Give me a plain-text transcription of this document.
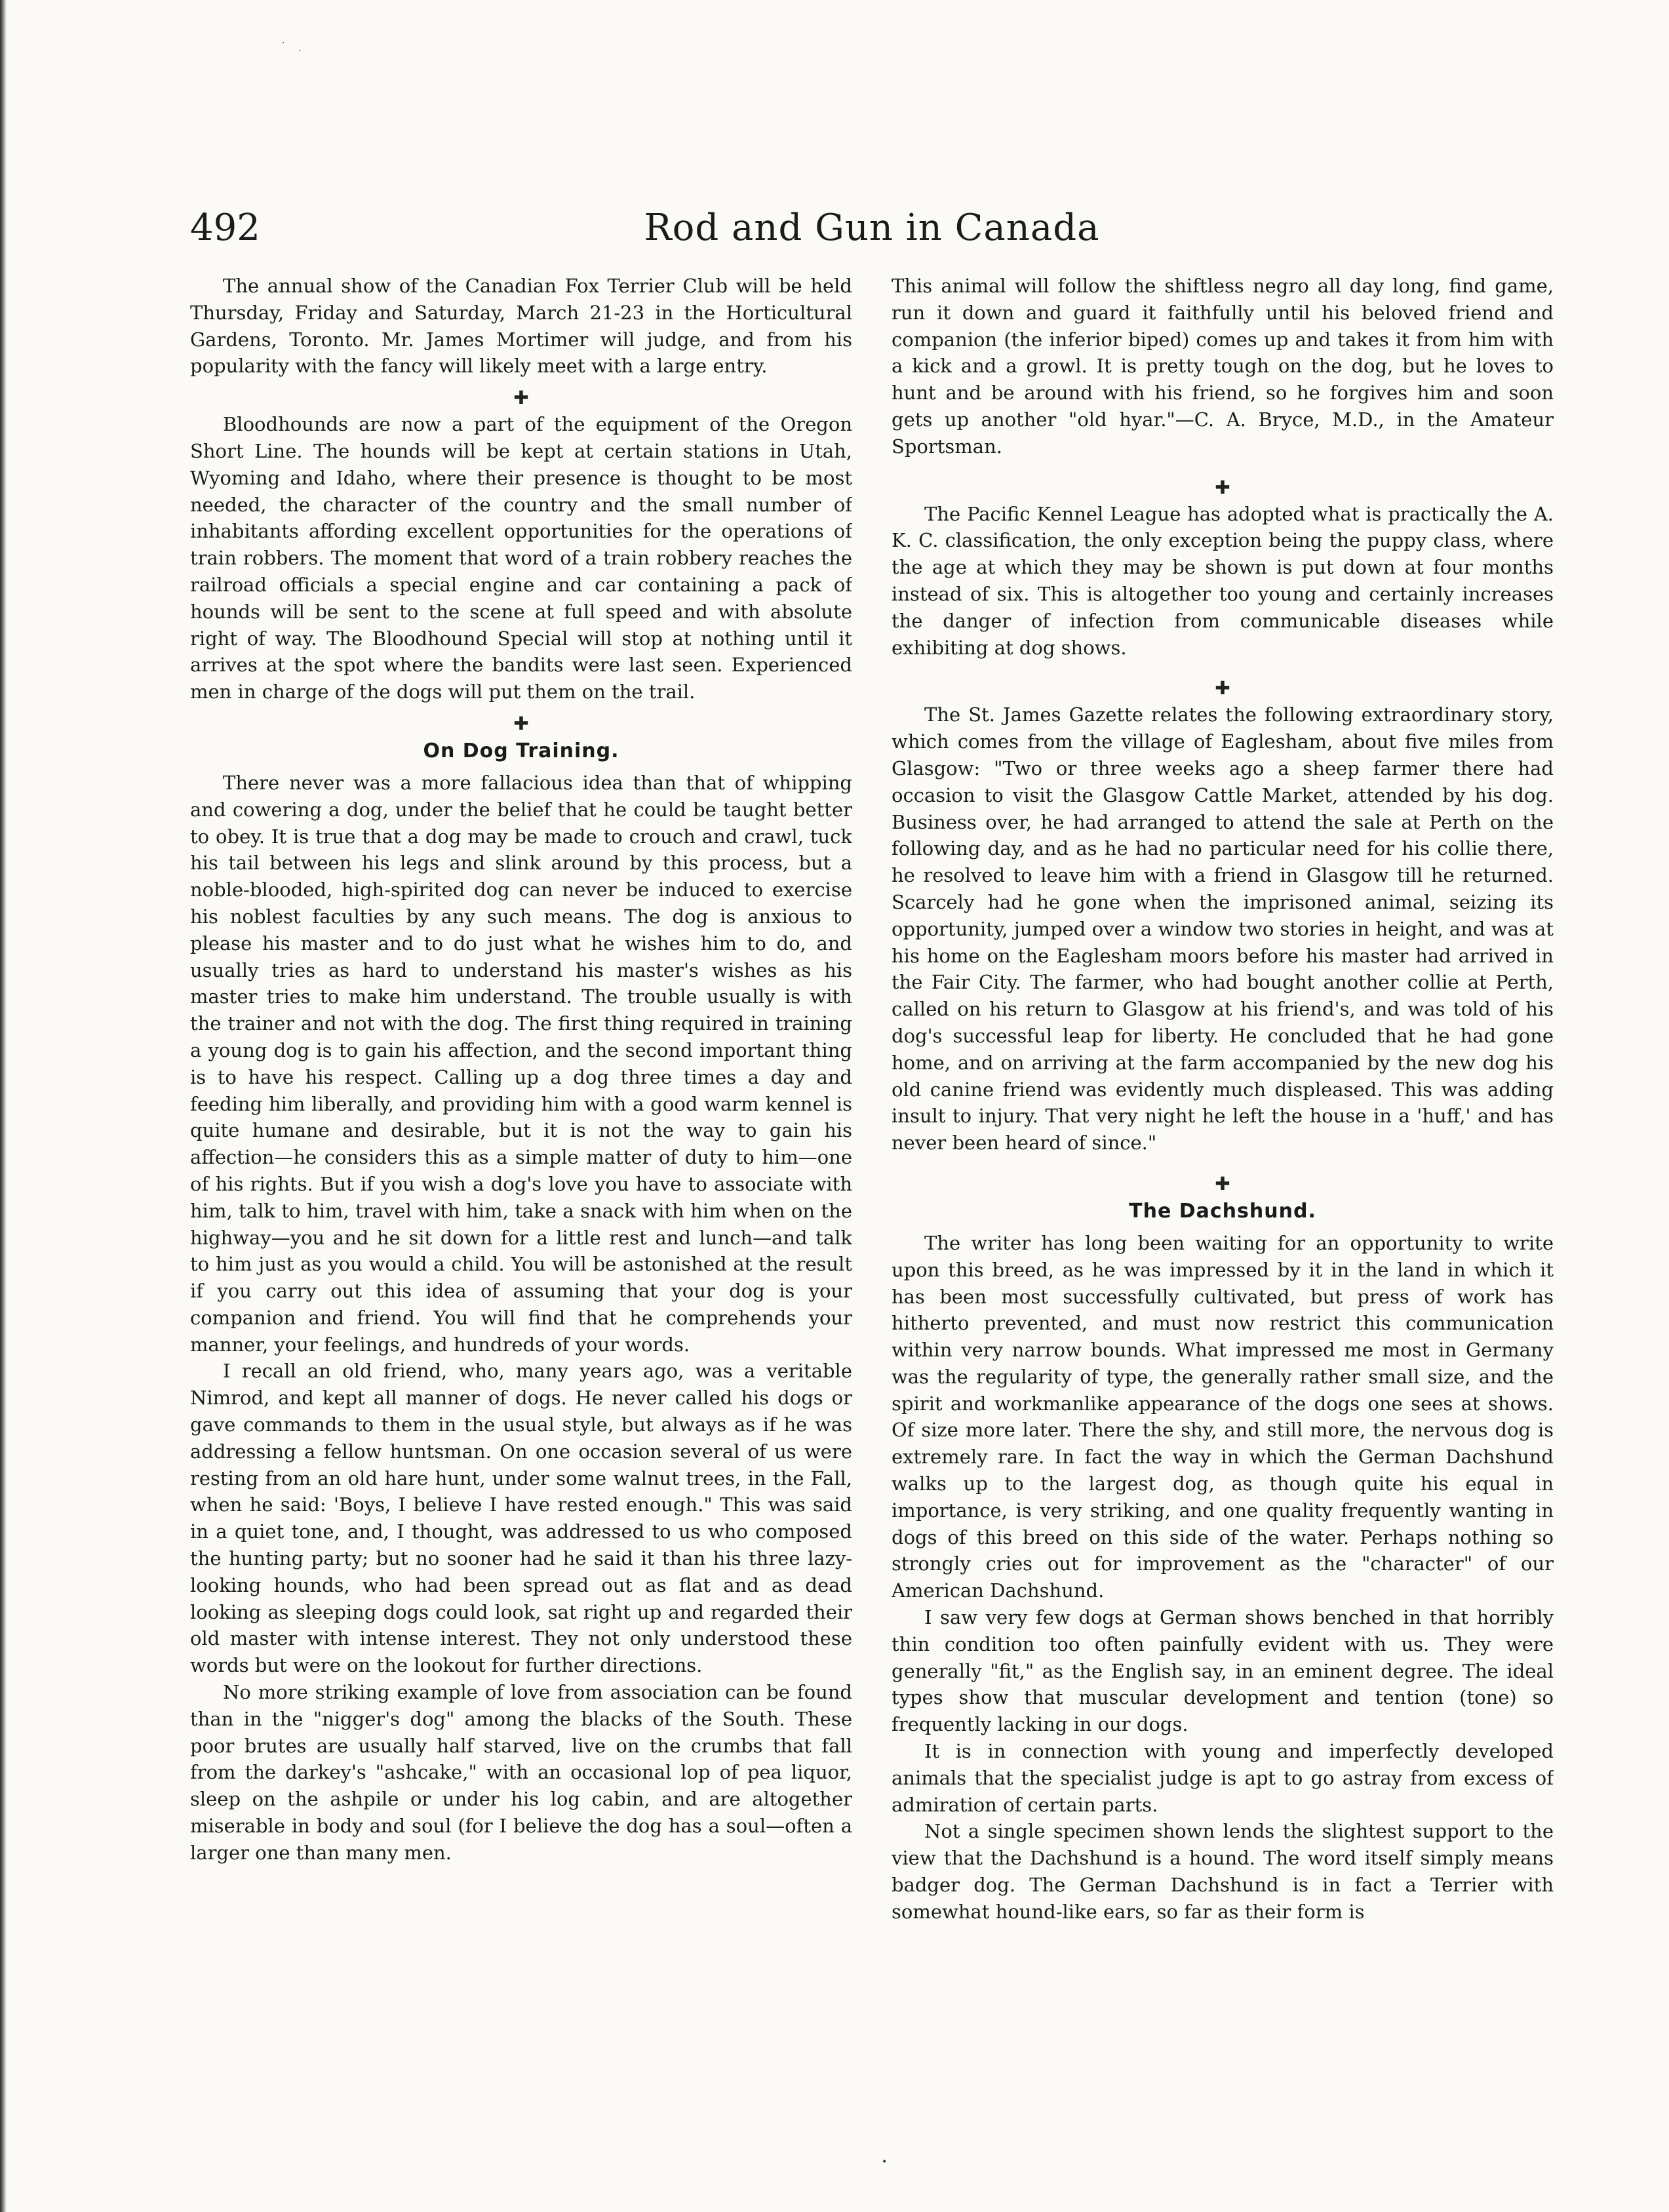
·
·
•
492	Rod and Gun in Canada

The annual show of the Canadian Fox Terrier Club will be held Thursday, Friday and Saturday, March 21-23 in the Horticultural Gardens, Toronto. Mr. James Mortimer will judge, and from his popularity with the fancy will likely meet with a large entry.

✚

Bloodhounds are now a part of the equipment of the Oregon Short Line. The hounds will be kept at certain stations in Utah, Wyoming and Idaho, where their presence is thought to be most needed, the character of the country and the small number of inhabitants affording excellent opportunities for the operations of train robbers. The moment that word of a train robbery reaches the railroad officials a special engine and car containing a pack of hounds will be sent to the scene at full speed and with absolute right of way. The Bloodhound Special will stop at nothing until it arrives at the spot where the bandits were last seen. Experienced men in charge of the dogs will put them on the trail.

✚
On Dog Training.

There never was a more fallacious idea than that of whipping and cowering a dog, under the belief that he could be taught better to obey. It is true that a dog may be made to crouch and crawl, tuck his tail between his legs and slink around by this process, but a noble-blooded, high-spirited dog can never be induced to exercise his noblest faculties by any such means. The dog is anxious to please his master and to do just what he wishes him to do, and usually tries as hard to understand his master's wishes as his master tries to make him understand. The trouble usually is with the trainer and not with the dog. The first thing required in training a young dog is to gain his affection, and the second important thing is to have his respect. Calling up a dog three times a day and feeding him liberally, and providing him with a good warm kennel is quite humane and desirable, but it is not the way to gain his affection—he considers this as a simple matter of duty to him—one of his rights. But if you wish a dog's love you have to associate with him, talk to him, travel with him, take a snack with him when on the highway—you and he sit down for a little rest and lunch—and talk to him just as you would a child. You will be astonished at the result if you carry out this idea of assuming that your dog is your companion and friend. You will find that he comprehends your manner, your feelings, and hundreds of your words.

I recall an old friend, who, many years ago, was a veritable Nimrod, and kept all manner of dogs. He never called his dogs or gave commands to them in the usual style, but always as if he was addressing a fellow huntsman. On one occasion several of us were resting from an old hare hunt, under some walnut trees, in the Fall, when he said: 'Boys, I believe I have rested enough." This was said in a quiet tone, and, I thought, was addressed to us who composed the hunting party; but no sooner had he said it than his three lazy-looking hounds, who had been spread out as flat and as dead looking as sleeping dogs could look, sat right up and regarded their old master with intense interest. They not only understood these words but were on the lookout for further directions.

No more striking example of love from association can be found than in the "nigger's dog" among the blacks of the South. These poor brutes are usually half starved, live on the crumbs that fall from the darkey's "ashcake," with an occasional lop of pea liquor, sleep on the ashpile or under his log cabin, and are altogether miserable in body and soul (for I believe the dog has a soul—often a larger one than many men.

This animal will follow the shiftless negro all day long, find game, run it down and guard it faithfully until his beloved friend and companion (the inferior biped) comes up and takes it from him with a kick and a growl. It is pretty tough on the dog, but he loves to hunt and be around with his friend, so he forgives him and soon gets up another "old hyar."—C. A. Bryce, M.D., in the Amateur Sportsman.

✚

The Pacific Kennel League has adopted what is practically the A. K. C. classification, the only exception being the puppy class, where the age at which they may be shown is put down at four months instead of six. This is altogether too young and certainly increases the danger of infection from communicable diseases while exhibiting at dog shows.

✚

The St. James Gazette relates the following extraordinary story, which comes from the village of Eaglesham, about five miles from Glasgow: "Two or three weeks ago a sheep farmer there had occasion to visit the Glasgow Cattle Market, attended by his dog. Business over, he had arranged to attend the sale at Perth on the following day, and as he had no particular need for his collie there, he resolved to leave him with a friend in Glasgow till he returned. Scarcely had he gone when the imprisoned animal, seizing its opportunity, jumped over a window two stories in height, and was at his home on the Eaglesham moors before his master had arrived in the Fair City. The farmer, who had bought another collie at Perth, called on his return to Glasgow at his friend's, and was told of his dog's successful leap for liberty. He concluded that he had gone home, and on arriving at the farm accompanied by the new dog his old canine friend was evidently much displeased. This was adding insult to injury. That very night he left the house in a 'huff,' and has never been heard of since."

✚
The Dachshund.

The writer has long been waiting for an opportunity to write upon this breed, as he was impressed by it in the land in which it has been most successfully cultivated, but press of work has hitherto prevented, and must now restrict this communication within very narrow bounds. What impressed me most in Germany was the regularity of type, the generally rather small size, and the spirit and workmanlike appearance of the dogs one sees at shows. Of size more later. There the shy, and still more, the nervous dog is extremely rare. In fact the way in which the German Dachshund walks up to the largest dog, as though quite his equal in importance, is very striking, and one quality frequently wanting in dogs of this breed on this side of the water. Perhaps nothing so strongly cries out for improvement as the "character" of our American Dachshund.

I saw very few dogs at German shows benched in that horribly thin condition too often painfully evident with us. They were generally "fit," as the English say, in an eminent degree. The ideal types show that muscular development and tention (tone) so frequently lacking in our dogs.

It is in connection with young and imperfectly developed animals that the specialist judge is apt to go astray from excess of admiration of certain parts.

Not a single specimen shown lends the slightest support to the view that the Dachshund is a hound. The word itself simply means badger dog. The German Dachshund is in fact a Terrier with somewhat hound-like ears, so far as their form is
